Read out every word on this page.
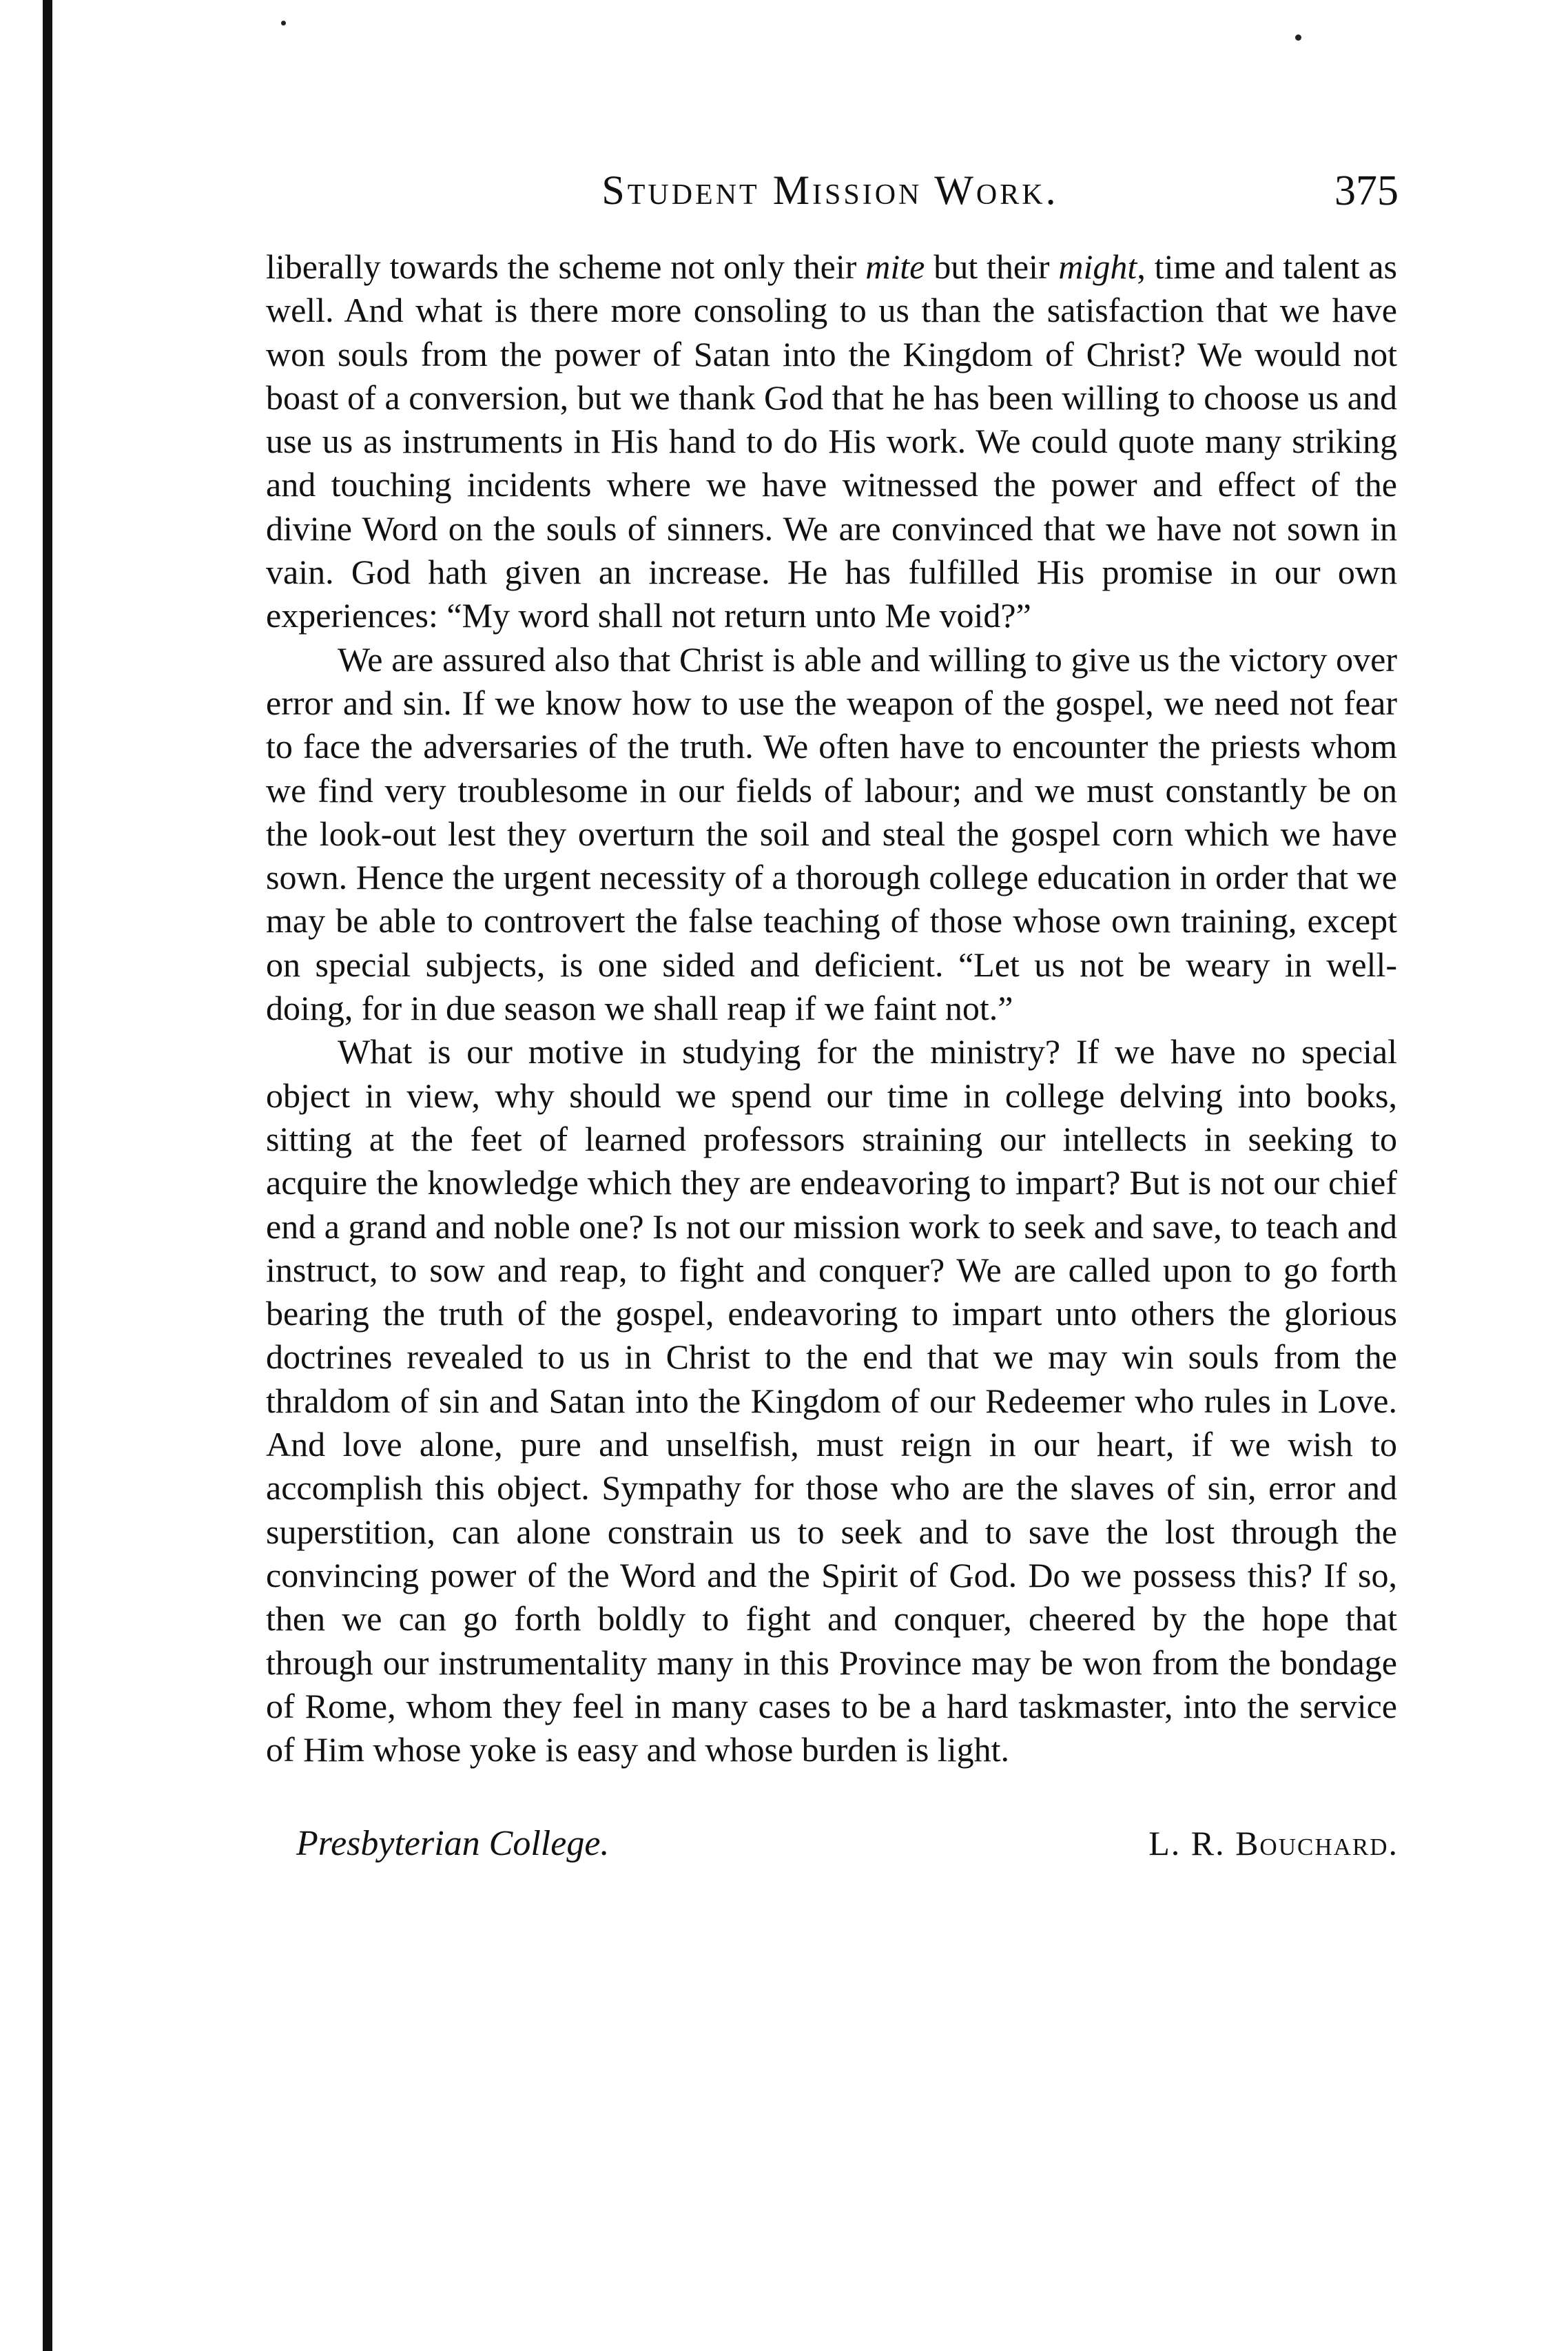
Student Mission Work.	375

liberally towards the scheme not only their mite but their might, time and talent as well. And what is there more consoling to us than the satisfaction that we have won souls from the power of Satan into the Kingdom of Christ? We would not boast of a conversion, but we thank God that he has been willing to choose us and use us as instruments in His hand to do His work. We could quote many striking and touching incidents where we have witnessed the power and effect of the divine Word on the souls of sinners. We are convinced that we have not sown in vain. God hath given an increase. He has fulfilled His promise in our own experiences: “My word shall not return unto Me void?”

We are assured also that Christ is able and willing to give us the victory over error and sin. If we know how to use the weapon of the gospel, we need not fear to face the adversaries of the truth. We often have to encounter the priests whom we find very troublesome in our fields of labour; and we must constantly be on the look-out lest they overturn the soil and steal the gospel corn which we have sown. Hence the urgent necessity of a thorough college education in order that we may be able to controvert the false teaching of those whose own training, except on special subjects, is one sided and deficient. “Let us not be weary in well-doing, for in due season we shall reap if we faint not.”

What is our motive in studying for the ministry? If we have no special object in view, why should we spend our time in college delving into books, sitting at the feet of learned professors straining our intellects in seeking to acquire the knowledge which they are endeavoring to impart? But is not our chief end a grand and noble one? Is not our mission work to seek and save, to teach and instruct, to sow and reap, to fight and conquer? We are called upon to go forth bearing the truth of the gospel, endeavoring to impart unto others the glorious doctrines revealed to us in Christ to the end that we may win souls from the thraldom of sin and Satan into the Kingdom of our Redeemer who rules in Love. And love alone, pure and unselfish, must reign in our heart, if we wish to accomplish this object. Sympathy for those who are the slaves of sin, error and superstition, can alone constrain us to seek and to save the lost through the convincing power of the Word and the Spirit of God. Do we possess this? If so, then we can go forth boldly to fight and conquer, cheered by the hope that through our instrumentality many in this Province may be won from the bondage of Rome, whom they feel in many cases to be a hard taskmaster, into the service of Him whose yoke is easy and whose burden is light.

Presbyterian College.	L. R. Bouchard.
